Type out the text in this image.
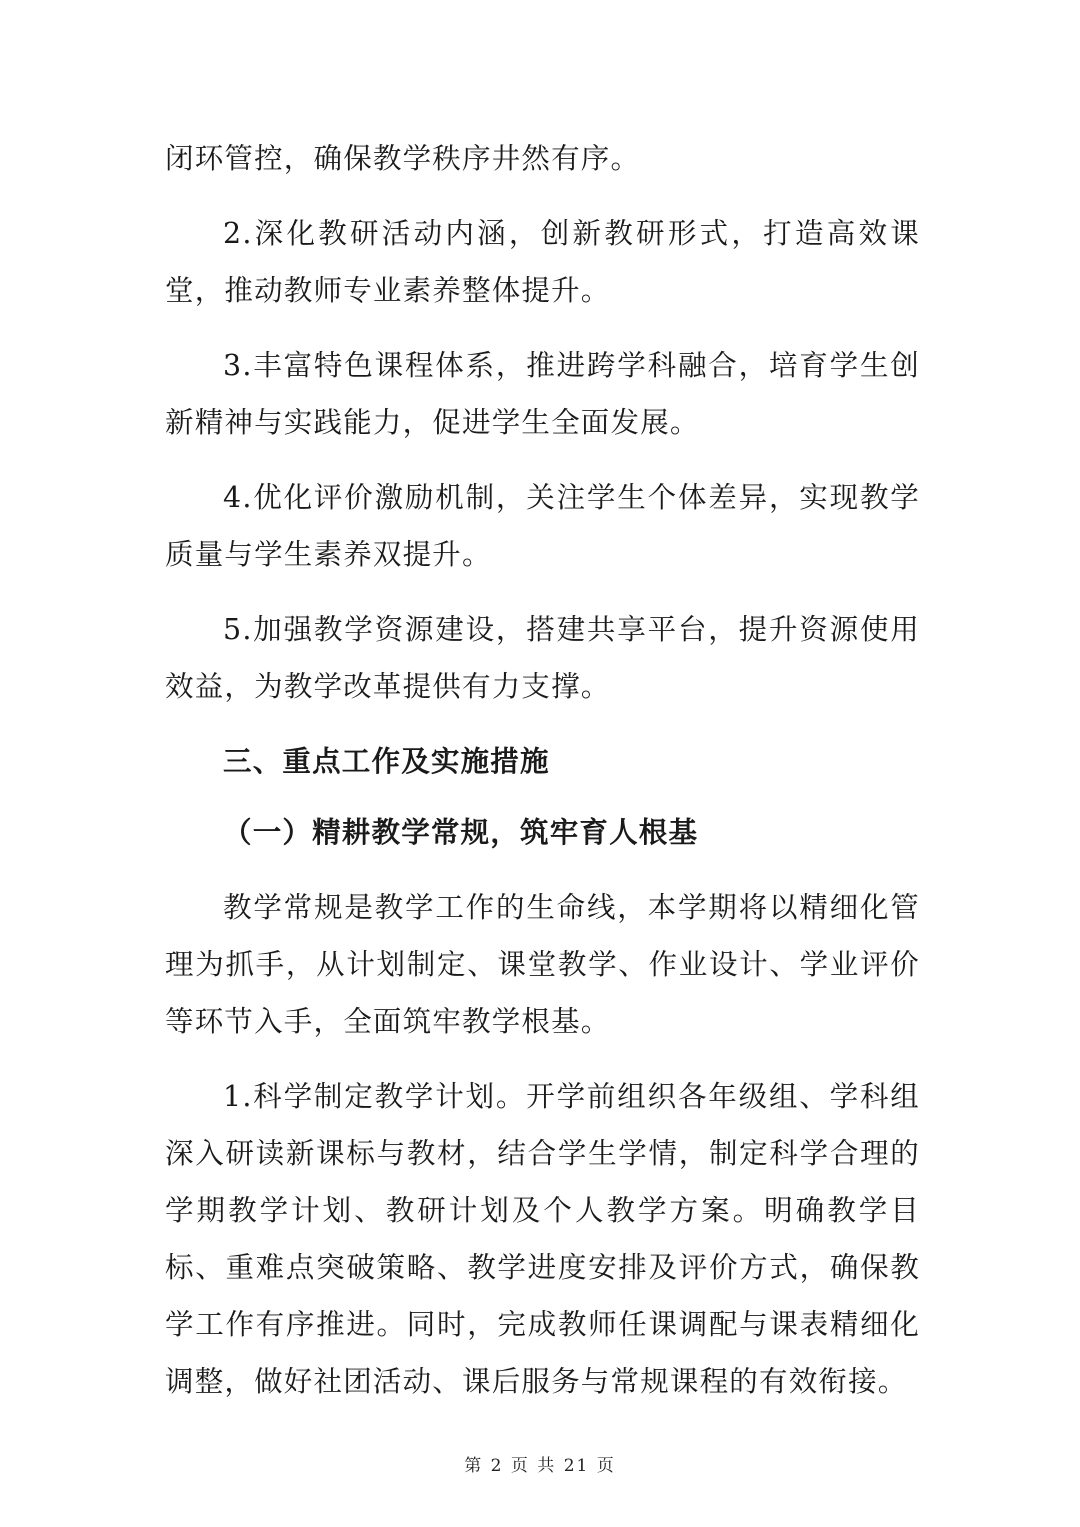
闭环管控，确保教学秩序井然有序。

2.深化教研活动内涵，创新教研形式，打造高效课堂，推动教师专业素养整体提升。

3.丰富特色课程体系，推进跨学科融合，培育学生创新精神与实践能力，促进学生全面发展。

4.优化评价激励机制，关注学生个体差异，实现教学质量与学生素养双提升。

5.加强教学资源建设，搭建共享平台，提升资源使用效益，为教学改革提供有力支撑。

三、重点工作及实施措施

（一）精耕教学常规，筑牢育人根基

教学常规是教学工作的生命线，本学期将以精细化管理为抓手，从计划制定、课堂教学、作业设计、学业评价等环节入手，全面筑牢教学根基。

1.科学制定教学计划。开学前组织各年级组、学科组深入研读新课标与教材，结合学生学情，制定科学合理的学期教学计划、教研计划及个人教学方案。明确教学目标、重难点突破策略、教学进度安排及评价方式，确保教学工作有序推进。同时，完成教师任课调配与课表精细化调整，做好社团活动、课后服务与常规课程的有效衔接。

第 2 页 共 21 页
